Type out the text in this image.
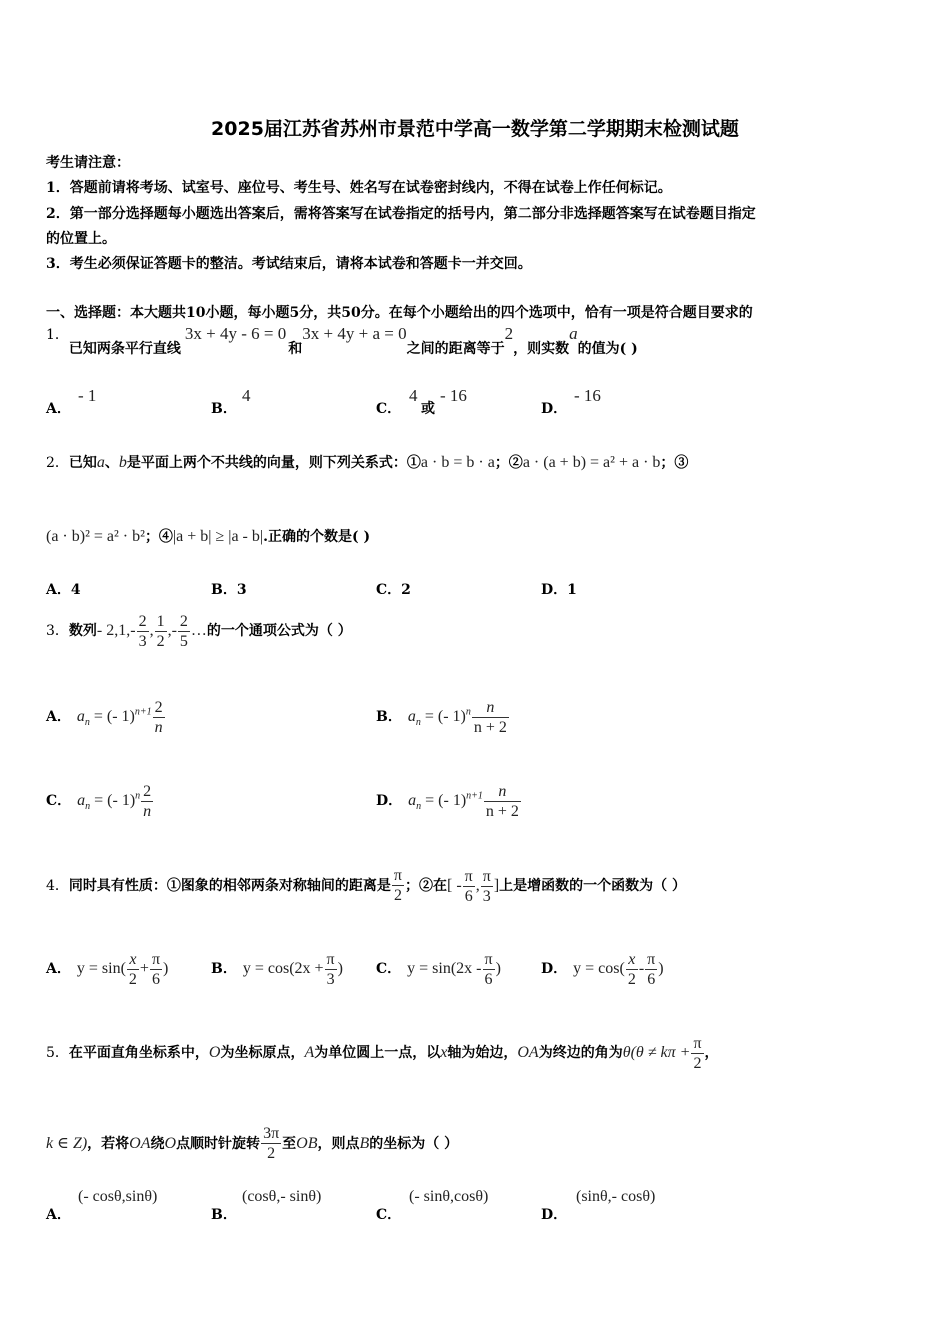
2025届江苏省苏州市景范中学高一数学第二学期期末检测试题
考生请注意：
1．答题前请将考场、试室号、座位号、考生号、姓名写在试卷密封线内，不得在试卷上作任何标记。
2．第一部分选择题每小题选出答案后，需将答案写在试卷指定的括号内，第二部分非选择题答案写在试卷题目指定
的位置上。
3．考生必须保证答题卡的整洁。考试结束后，请将本试卷和答题卡一并交回。
一、选择题：本大题共10小题，每小题5分，共50分。在每个小题给出的四个选项中，恰有一项是符合题目要求的
1．已知两条平行直线3x + 4y - 6 = 0和3x + 4y + a = 0之间的距离等于2，则实数a的值为( )
A．
- 1
B．
4
C．
4
或
- 16
D．
- 16
2．已知a、b是平面上两个不共线的向量，则下列关系式：①a · b = b · a；②a · (a + b) = a² + a · b；③
(a · b)² = a² · b²；④|a + b| ≥ |a - b|.正确的个数是( )
A．4	B．3	C．2	D．1
3．数列- $2,1,- \frac{2}{3}$ , $\frac{1}{2}$ ,- $\frac{2}{5}$ …的一个通项公式为（ ）
A． $a_n$ = (- $1)^{n+1} \frac{2}{n}$	B． $a_n$ = (- $1)^n \frac{n}{n + 2}$
C． $a_n$ = (- $1)^n \frac{2}{n}$	D． $a_n$ = (- $1)^{n+1} \frac{n}{n + 2}$
4．同时具有性质：①图象的相邻两条对称轴间的距离是 $\frac{\pi}{2}$ ；②在[ - $\frac{\pi}{6}$ , $\frac{\pi}{3}$ ]上是增函数的一个函数为（ ）
A． $y = \sin( \frac{x}{2} + \frac{\pi}{6}$ )	B． $y = \cos(2x + \frac{\pi}{3}$ ) C． $y = \sin(2x - \frac{\pi}{6}$ )	D． $y = \cos( \frac{x}{2} - \frac{\pi}{6}$ )
5．在平面直角坐标系中，O为坐标原点，A为单位圆上一点，以x轴为始边，OA为终边的角为$\theta(\theta \ne k\pi + \frac{\pi}{2}$ ，
k ∈ Z)，若将OA绕O点顺时针旋转 $\frac{3\pi}{2}$ 至OB，则点B的坐标为（ ）
A．
(- cosθ,sinθ)
B．
(cosθ,- sinθ)
C．
(- sinθ,cosθ)
D．
(sinθ,- cosθ)
